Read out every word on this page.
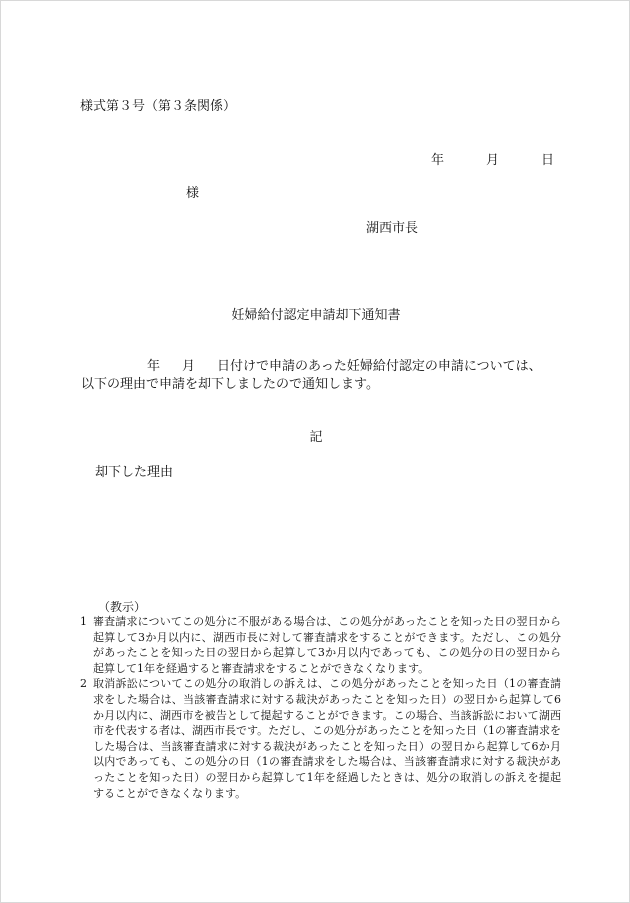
様式第３号（第３条関係）
年	月	日
様
湖西市長
妊婦給付認定申請却下通知書
年 月 日付けで申請のあった妊婦給付認定の申請については、
以下の理由で申請を却下しましたので通知します。
記
却下した理由
（教示）
1 審査請求についてこの処分に不服がある場合は、この処分があったことを知った日の翌日から起算して3か月以内に、湖西市長に対して審査請求をすることができます。ただし、この処分があったことを知った日の翌日から起算して3か月以内であっても、この処分の日の翌日から起算して1年を経過すると審査請求をすることができなくなります。
2 取消訴訟についてこの処分の取消しの訴えは、この処分があったことを知った日（1の審査請求をした場合は、当該審査請求に対する裁決があったことを知った日）の翌日から起算して6か月以内に、湖西市を被告として提起することができます。この場合、当該訴訟において湖西市を代表する者は、湖西市長です。ただし、この処分があったことを知った日（1の審査請求をした場合は、当該審査請求に対する裁決があったことを知った日）の翌日から起算して6か月以内であっても、この処分の日（1の審査請求をした場合は、当該審査請求に対する裁決があったことを知った日）の翌日から起算して1年を経過したときは、処分の取消しの訴えを提起することができなくなります。
